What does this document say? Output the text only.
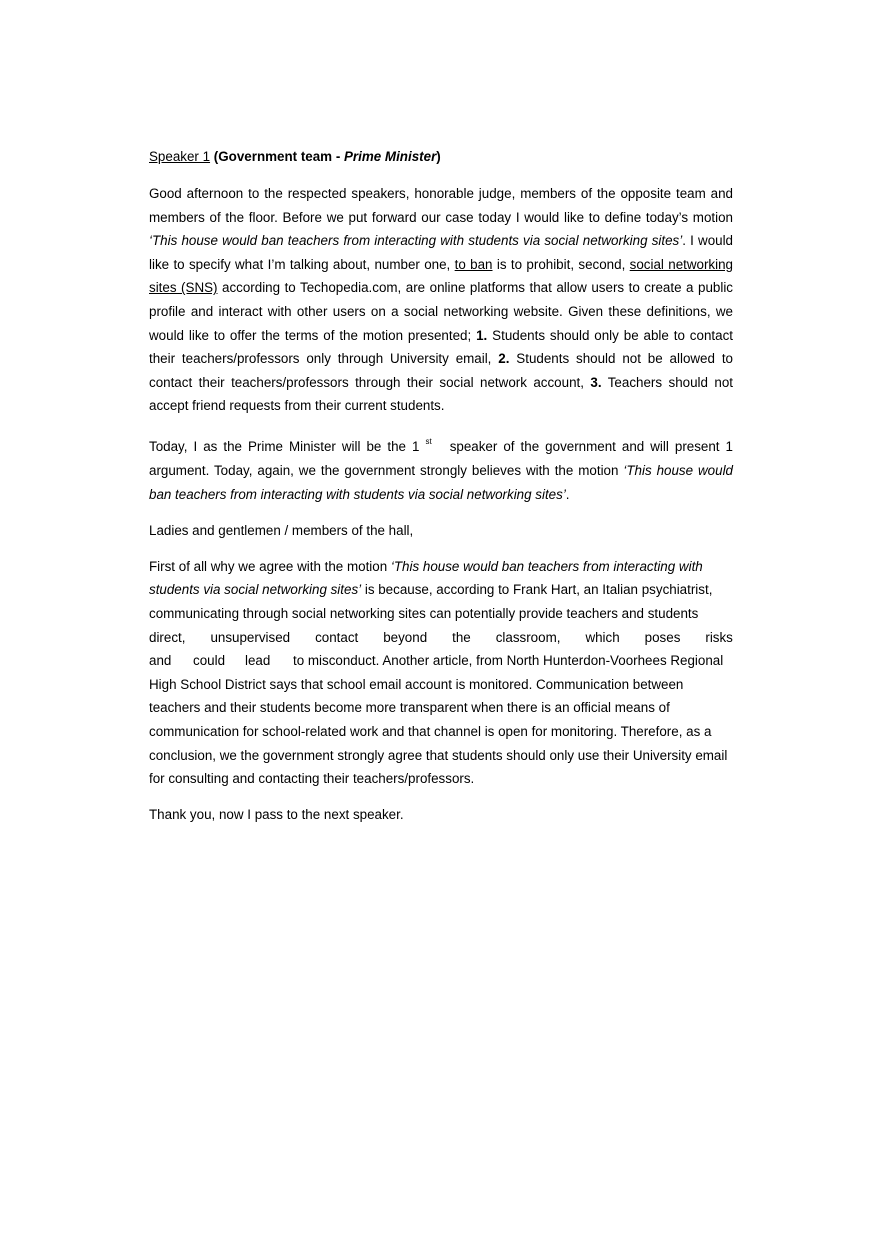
Speaker 1 (Government team - Prime Minister)

Good afternoon to the respected speakers, honorable judge, members of the opposite team and members of the floor. Before we put forward our case today I would like to define today’s motion ‘This house would ban teachers from interacting with students via social networking sites’. I would like to specify what I’m talking about, number one, to ban is to prohibit, second, social networking sites (SNS) according to Techopedia.com, are online platforms that allow users to create a public profile and interact with other users on a social networking website. Given these definitions, we would like to offer the terms of the motion presented; 1. Students should only be able to contact their teachers/professors only through University email, 2. Students should not be allowed to contact their teachers/professors through their social network account, 3. Teachers should not accept friend requests from their current students.

Today, I as the Prime Minister will be the 1 $^{st}$ speaker of the government and will present 1 argument. Today, again, we the government strongly believes with the motion ‘This house would ban teachers from interacting with students via social networking sites’.

Ladies and gentlemen / members of the hall,

First of all why we agree with the motion ‘This house would ban teachers from interacting with students via social networking sites’ is because, according to Frank Hart, an Italian psychiatrist, communicating through social networking sites can potentially provide teachers and students
direct, unsupervised contact beyond the classroom, which poses risks
and	could	lead	to misconduct. Another article, from North Hunterdon-Voorhees Regional
High School District says that school email account is monitored. Communication between teachers and their students become more transparent when there is an official means of communication for school-related work and that channel is open for monitoring. Therefore, as a conclusion, we the government strongly agree that students should only use their University email for consulting and contacting their teachers/professors.

Thank you, now I pass to the next speaker.
